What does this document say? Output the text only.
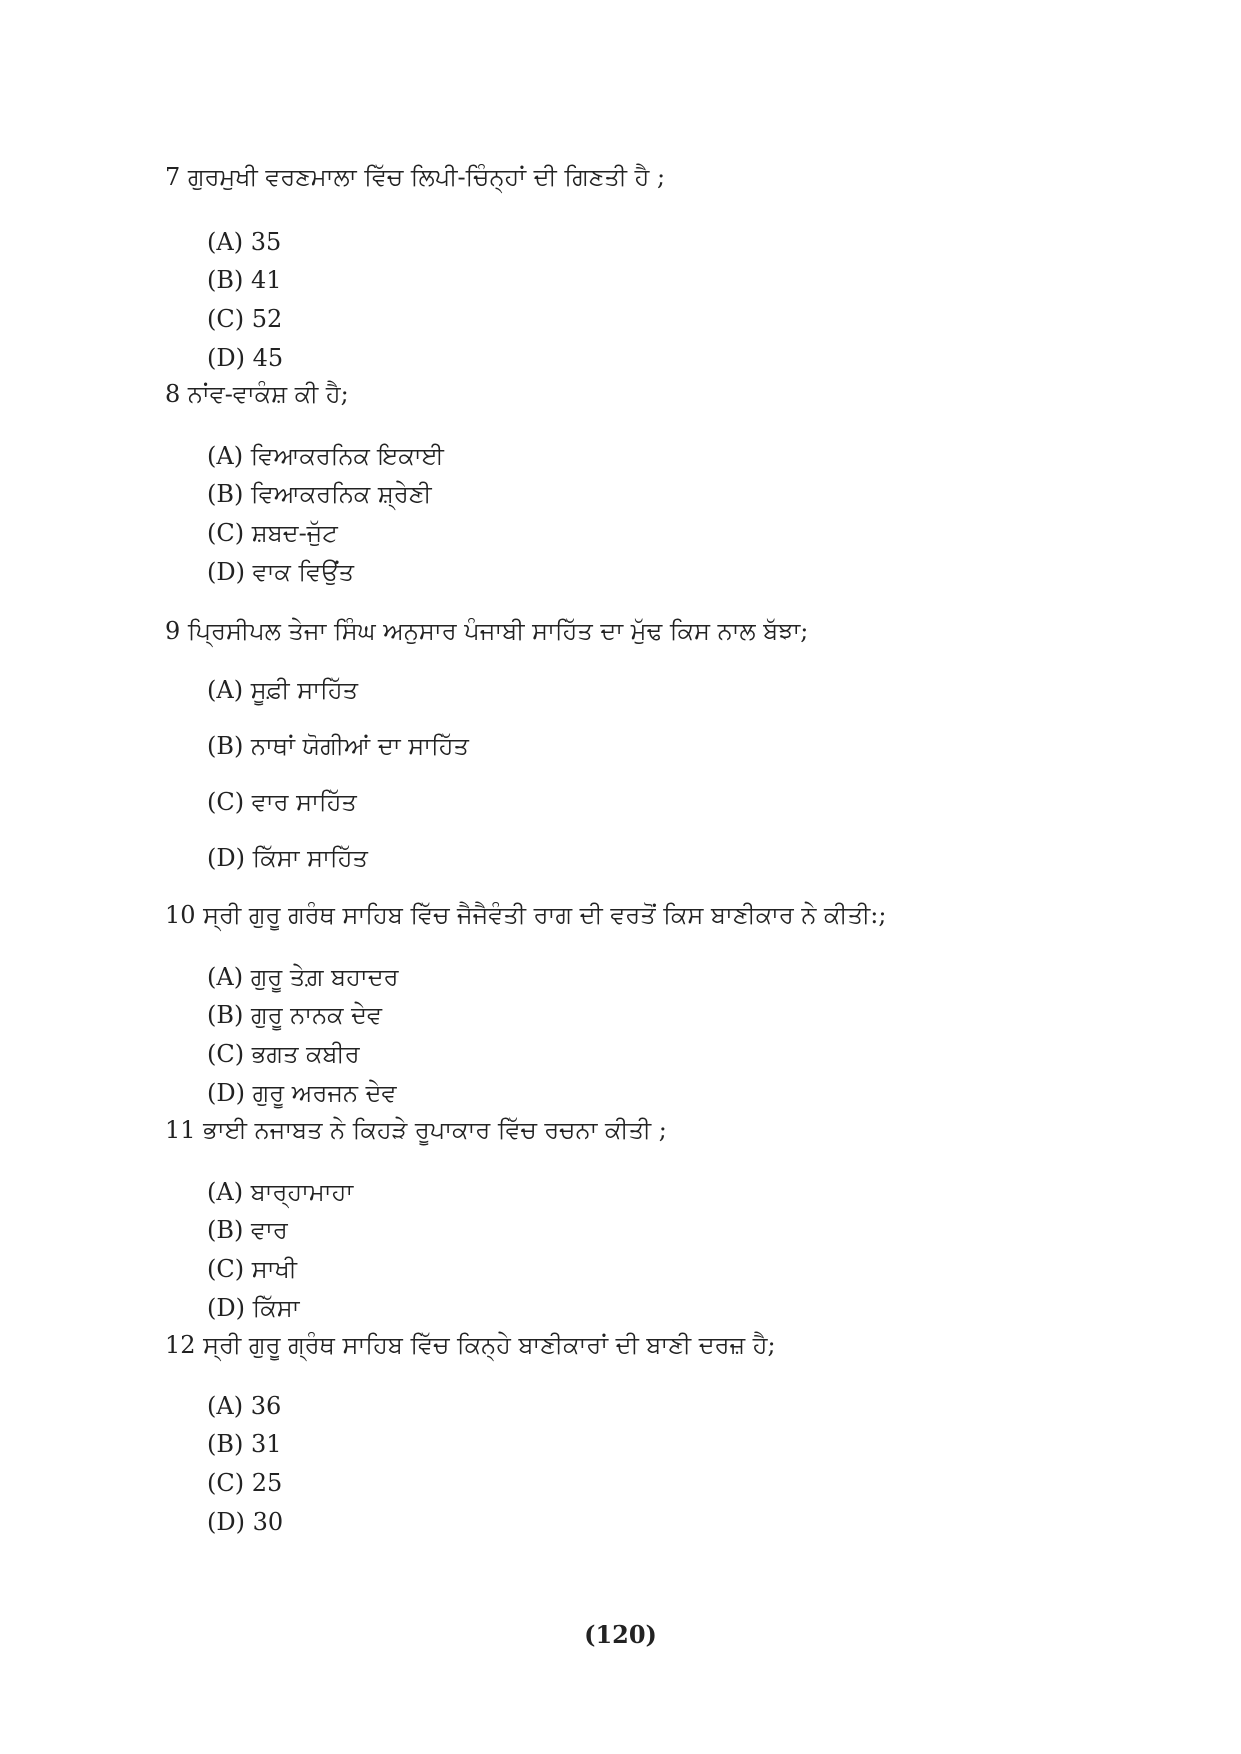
7 ਗੁਰਮੁਖੀ ਵਰਣਮਾਲਾ ਵਿੱਚ ਲਿਪੀ-ਚਿੰਨ੍ਹਾਂ ਦੀ ਗਿਣਤੀ ਹੈ ;
(A) 35
(B) 41
(C) 52
(D) 45
8 ਨਾਂਵ-ਵਾਕੰਸ਼ ਕੀ ਹੈ;
(A) ਵਿਆਕਰਨਿਕ ਇਕਾਈ
(B) ਵਿਆਕਰਨਿਕ ਸ਼੍ਰੇਣੀ
(C) ਸ਼ਬਦ-ਜੁੱਟ
(D) ਵਾਕ ਵਿਉਂਤ
9 ਪ੍ਰਿਸੀਪਲ ਤੇਜਾ ਸਿੰਘ ਅਨੁਸਾਰ ਪੰਜਾਬੀ ਸਾਹਿੱਤ ਦਾ ਮੁੱਢ ਕਿਸ ਨਾਲ ਬੱਝਾ;
(A) ਸੂਫ਼ੀ ਸਾਹਿੱਤ
(B) ਨਾਥਾਂ ਯੋਗੀਆਂ ਦਾ ਸਾਹਿੱਤ
(C) ਵਾਰ ਸਾਹਿੱਤ
(D) ਕਿੱਸਾ ਸਾਹਿੱਤ
10 ਸ੍ਰੀ ਗੁਰੂ ਗਰੰਥ ਸਾਹਿਬ ਵਿੱਚ ਜੈਜੈਵੰਤੀ ਰਾਗ ਦੀ ਵਰਤੋਂ ਕਿਸ ਬਾਣੀਕਾਰ ਨੇ ਕੀਤੀ:;
(A) ਗੁਰੂ ਤੇਗ਼ ਬਹਾਦਰ
(B) ਗੁਰੂ ਨਾਨਕ ਦੇਵ
(C) ਭਗਤ ਕਬੀਰ
(D) ਗੁਰੂ ਅਰਜਨ ਦੇਵ
11 ਭਾਈ ਨਜਾਬਤ ਨੇ ਕਿਹੜੇ ਰੂਪਾਕਾਰ ਵਿੱਚ ਰਚਨਾ ਕੀਤੀ ;
(A) ਬਾਰ੍ਹਾਮਾਹਾ
(B) ਵਾਰ
(C) ਸਾਖੀ
(D) ਕਿੱਸਾ
12 ਸ੍ਰੀ ਗੁਰੂ ਗ੍ਰੰਥ ਸਾਹਿਬ ਵਿੱਚ ਕਿਨ੍ਹੇ ਬਾਣੀਕਾਰਾਂ ਦੀ ਬਾਣੀ ਦਰਜ਼ ਹੈ;
(A) 36
(B) 31
(C) 25
(D) 30
(120)
